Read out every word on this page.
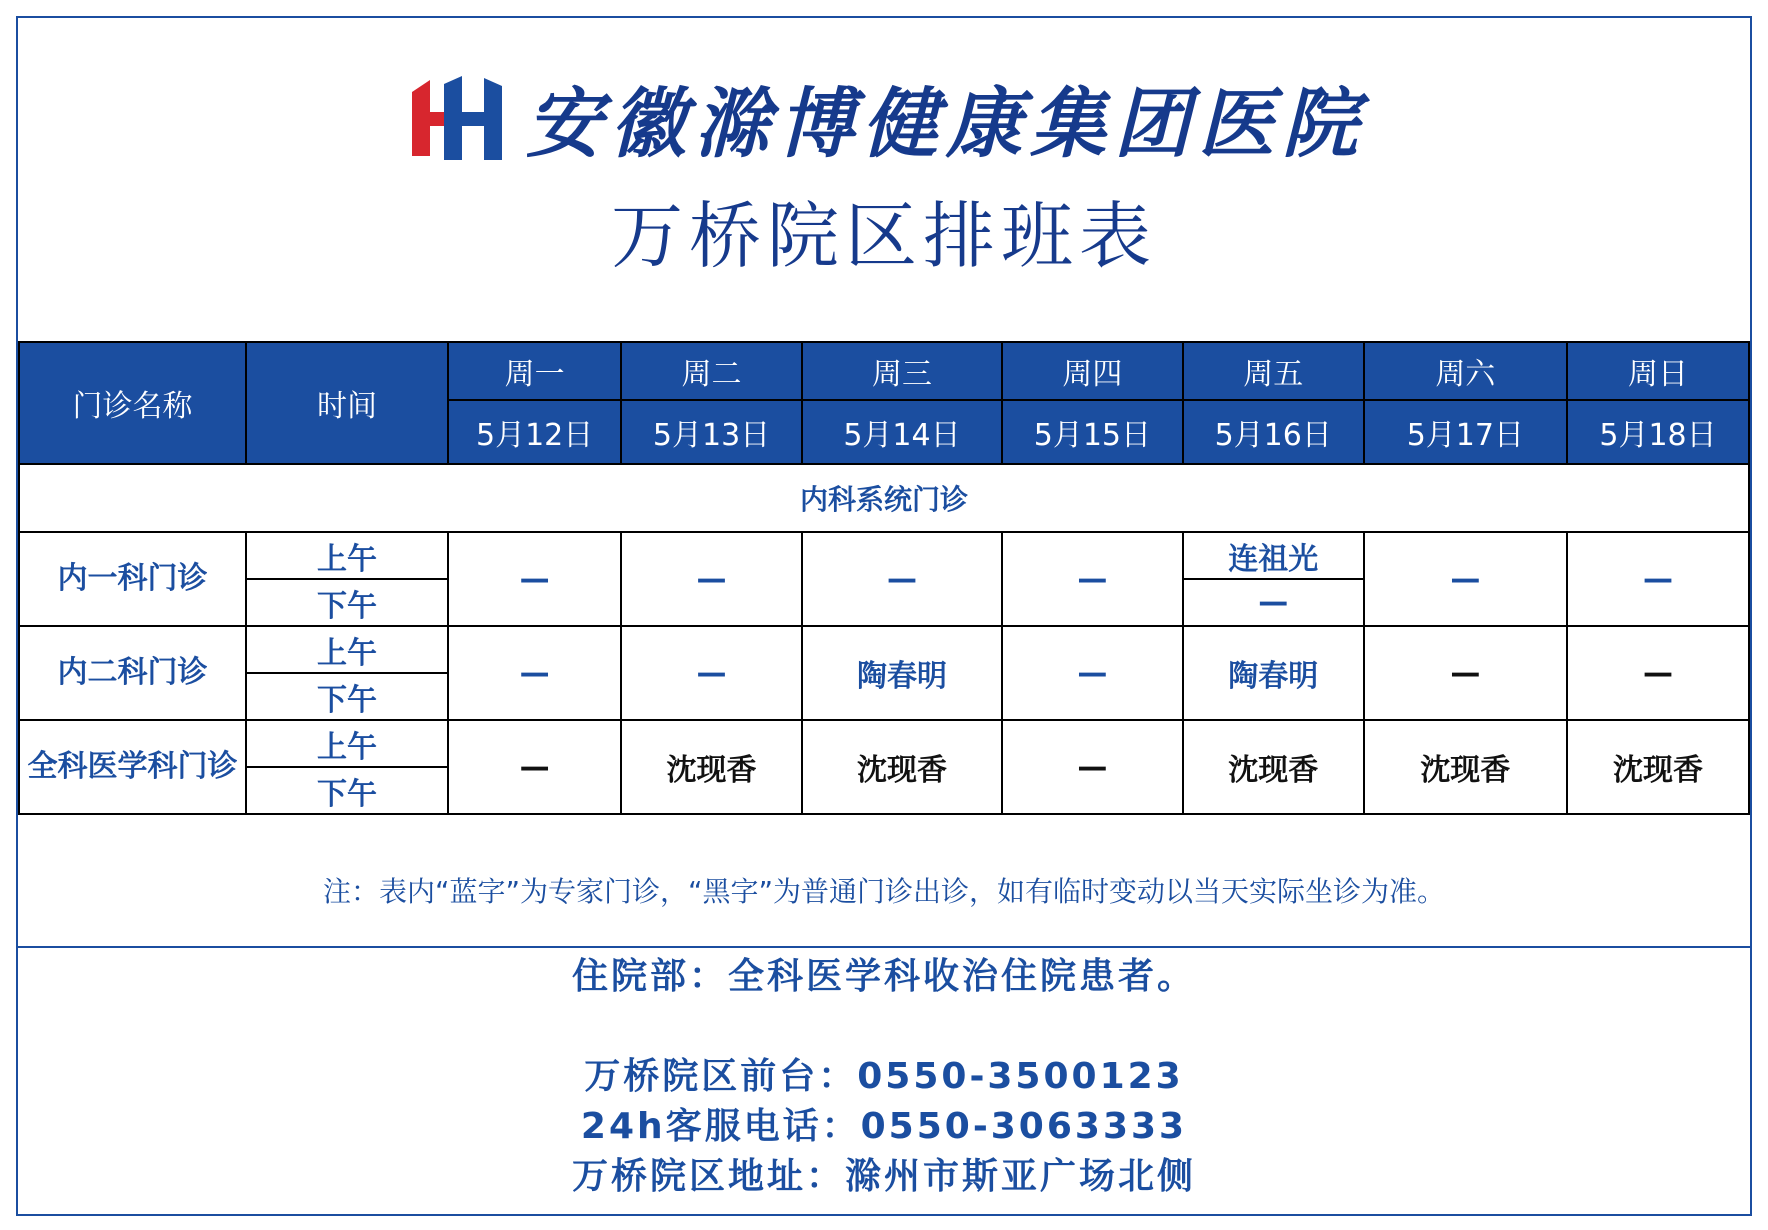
安徽滁博健康集团医院
万桥院区排班表
门诊名称	时间	周一	周二	周三	周四	周五	周六	周日
		5月12日	5月13日	5月14日	5月15日	5月16日	5月17日	5月18日
内科系统门诊								
内一科门诊	上午	—	—	—	—	连祖光	—	—
	下午					—		
内二科门诊	上午	—	—	陶春明	—	陶春明	—	—
	下午							
全科医学科门诊	上午	—	沈现香	沈现香	—	沈现香	沈现香	沈现香
	下午							
注：表内“蓝字”为专家门诊，“黑字”为普通门诊出诊，如有临时变动以当天实际坐诊为准。
住院部：全科医学科收治住院患者。
万桥院区前台：0550-3500123
24h客服电话：0550-3063333
万桥院区地址：滁州市斯亚广场北侧
